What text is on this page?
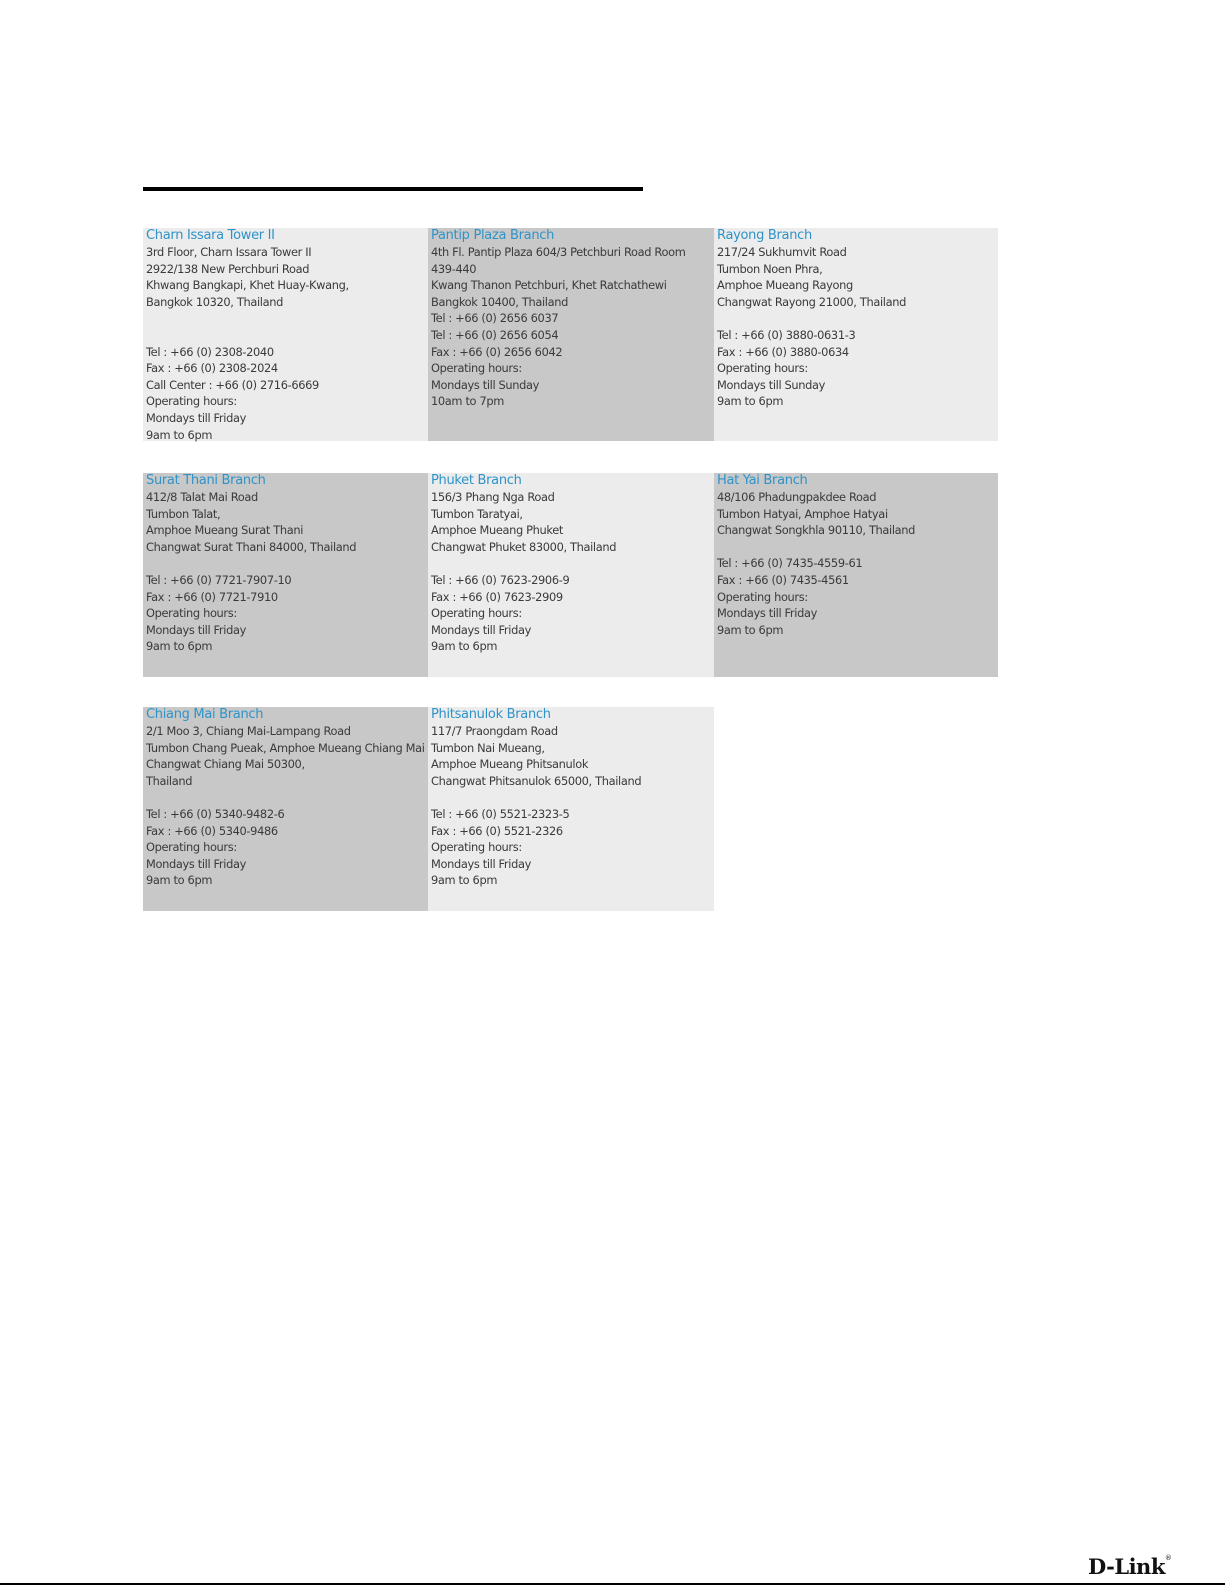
Charn Issara Tower II
3rd Floor, Charn Issara Tower II
2922/138 New Perchburi Road
Khwang Bangkapi, Khet Huay-Kwang,
Bangkok 10320, Thailand
Tel : +66 (0) 2308-2040
Fax : +66 (0) 2308-2024
Call Center : +66 (0) 2716-6669
Operating hours:
Mondays till Friday
9am to 6pm
Pantip Plaza Branch
4th Fl. Pantip Plaza 604/3 Petchburi Road Room
439-440
Kwang Thanon Petchburi, Khet Ratchathewi
Bangkok 10400, Thailand
Tel : +66 (0) 2656 6037
Tel : +66 (0) 2656 6054
Fax : +66 (0) 2656 6042
Operating hours:
Mondays till Sunday
10am to 7pm
Rayong Branch
217/24 Sukhumvit Road
Tumbon Noen Phra,
Amphoe Mueang Rayong
Changwat Rayong 21000, Thailand
Tel : +66 (0) 3880-0631-3
Fax : +66 (0) 3880-0634
Operating hours:
Mondays till Sunday
9am to 6pm
Surat Thani Branch
412/8 Talat Mai Road
Tumbon Talat,
Amphoe Mueang Surat Thani
Changwat Surat Thani 84000, Thailand
Tel : +66 (0) 7721-7907-10
Fax : +66 (0) 7721-7910
Operating hours:
Mondays till Friday
9am to 6pm
Phuket Branch
156/3 Phang Nga Road
Tumbon Taratyai,
Amphoe Mueang Phuket
Changwat Phuket 83000, Thailand
Tel : +66 (0) 7623-2906-9
Fax : +66 (0) 7623-2909
Operating hours:
Mondays till Friday
9am to 6pm
Hat Yai Branch
48/106 Phadungpakdee Road
Tumbon Hatyai, Amphoe Hatyai
Changwat Songkhla 90110, Thailand
Tel : +66 (0) 7435-4559-61
Fax : +66 (0) 7435-4561
Operating hours:
Mondays till Friday
9am to 6pm
Chiang Mai Branch
2/1 Moo 3, Chiang Mai-Lampang Road
Tumbon Chang Pueak, Amphoe Mueang Chiang Mai
Changwat Chiang Mai 50300,
Thailand
Tel : +66 (0) 5340-9482-6
Fax : +66 (0) 5340-9486
Operating hours:
Mondays till Friday
9am to 6pm
Phitsanulok Branch
117/7 Praongdam Road
Tumbon Nai Mueang,
Amphoe Mueang Phitsanulok
Changwat Phitsanulok 65000, Thailand
Tel : +66 (0) 5521-2323-5
Fax : +66 (0) 5521-2326
Operating hours:
Mondays till Friday
9am to 6pm
D-Link®
